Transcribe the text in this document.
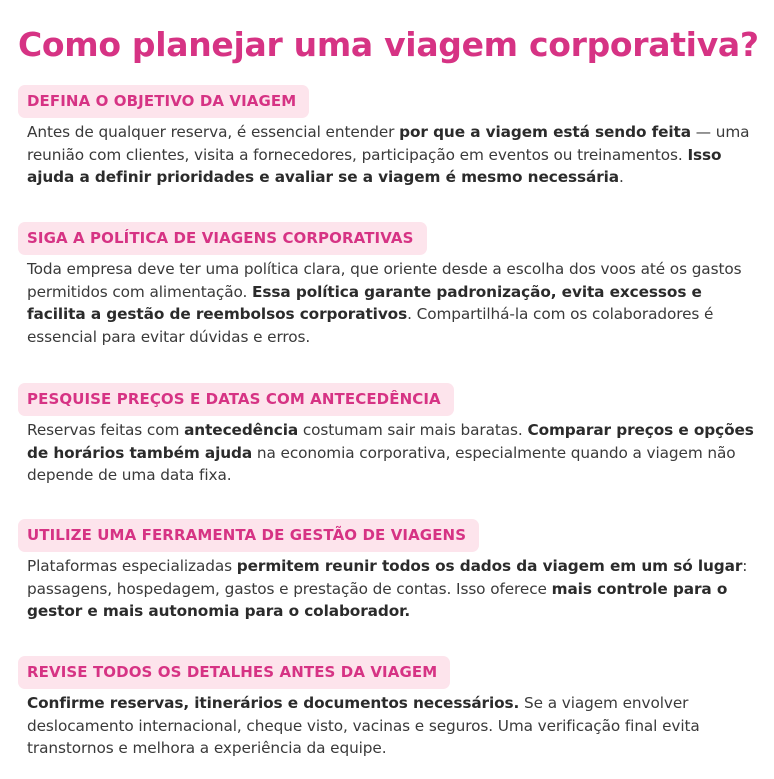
Como planejar uma viagem corporativa?
DEFINA O OBJETIVO DA VIAGEM
Antes de qualquer reserva, é essencial entender por que a viagem está sendo feita — uma reunião com clientes, visita a fornecedores, participação em eventos ou treinamentos. Isso ajuda a definir prioridades e avaliar se a viagem é mesmo necessária.
SIGA A POLÍTICA DE VIAGENS CORPORATIVAS
Toda empresa deve ter uma política clara, que oriente desde a escolha dos voos até os gastos permitidos com alimentação. Essa política garante padronização, evita excessos e facilita a gestão de reembolsos corporativos. Compartilhá-la com os colaboradores é essencial para evitar dúvidas e erros.
PESQUISE PREÇOS E DATAS COM ANTECEDÊNCIA
Reservas feitas com antecedência costumam sair mais baratas. Comparar preços e opções de horários também ajuda na economia corporativa, especialmente quando a viagem não depende de uma data fixa.
UTILIZE UMA FERRAMENTA DE GESTÃO DE VIAGENS
Plataformas especializadas permitem reunir todos os dados da viagem em um só lugar: passagens, hospedagem, gastos e prestação de contas. Isso oferece mais controle para o gestor e mais autonomia para o colaborador.
REVISE TODOS OS DETALHES ANTES DA VIAGEM
Confirme reservas, itinerários e documentos necessários. Se a viagem envolver deslocamento internacional, cheque visto, vacinas e seguros. Uma verificação final evita transtornos e melhora a experiência da equipe.
